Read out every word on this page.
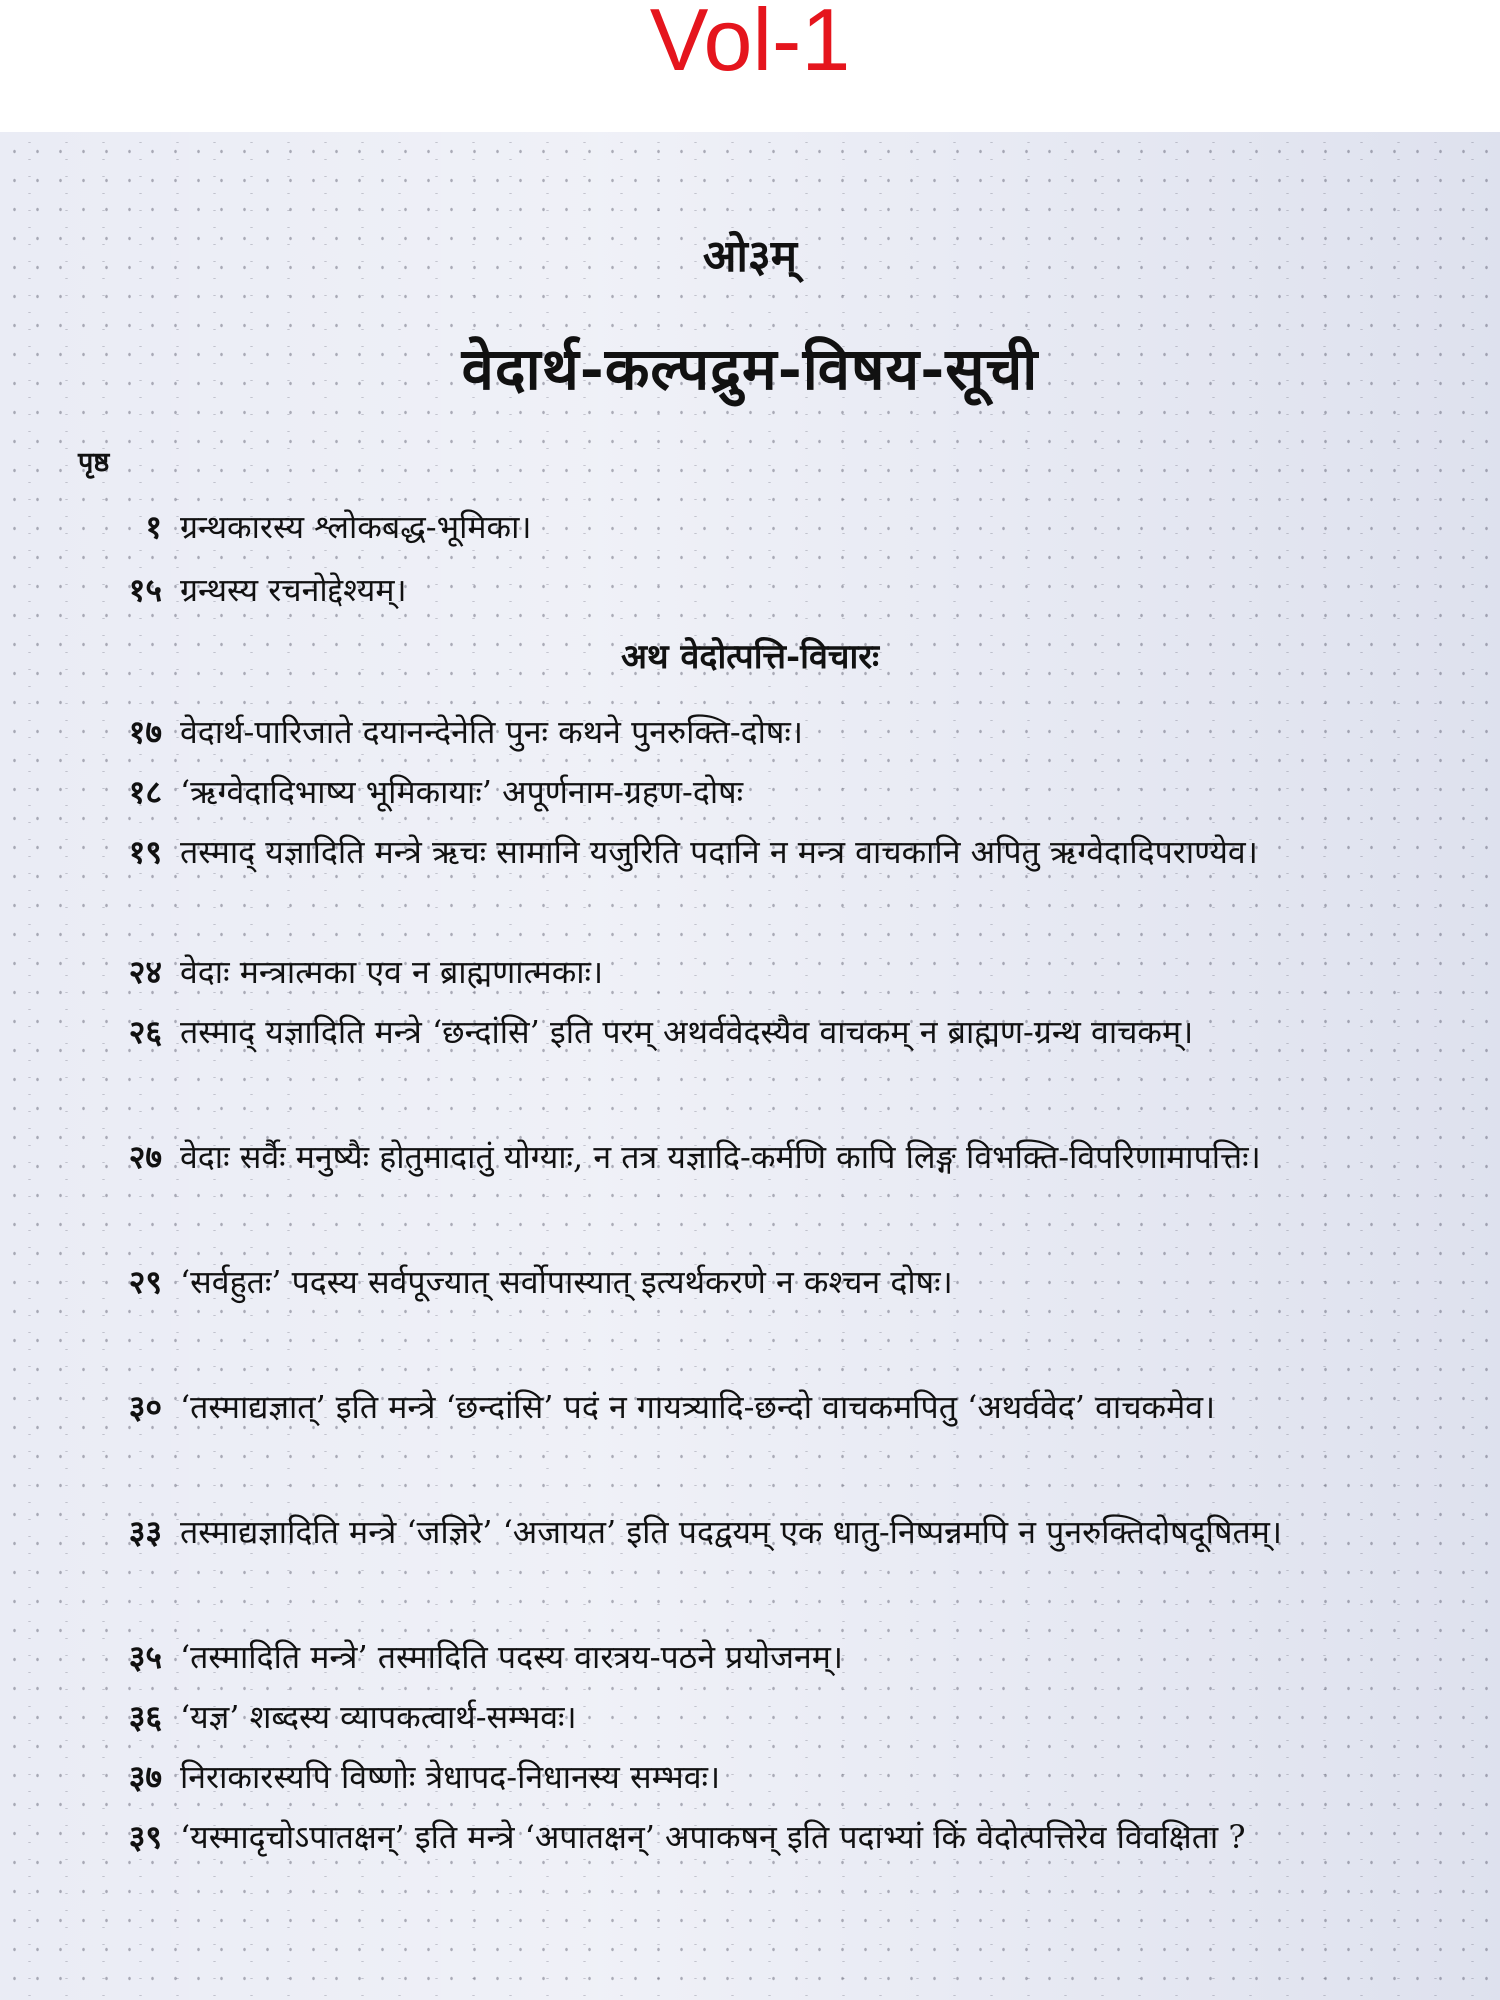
Vol-1
ओ३म्
वेदार्थ-कल्पद्रुम-विषय-सूची
पृष्ठ
१ ग्रन्थकारस्य श्लोकबद्ध-भूमिका।
१५ ग्रन्थस्य रचनोद्देश्यम्।
अथ वेदोत्पत्ति-विचारः
१७ वेदार्थ-पारिजाते दयानन्देनेति पुनः कथने पुनरुक्ति-दोषः।
१८ ‘ऋग्वेदादिभाष्य भूमिकायाः’ अपूर्णनाम-ग्रहण-दोषः
१९ तस्माद् यज्ञादिति मन्त्रे ऋचः सामानि यजुरिति पदानि न मन्त्र वाचकानि अपितु ऋग्वेदादिपराण्येव।
२४ वेदाः मन्त्रात्मका एव न ब्राह्मणात्मकाः।
२६ तस्माद् यज्ञादिति मन्त्रे ‘छन्दांसि’ इति परम् अथर्ववेदस्यैव वाचकम् न ब्राह्मण-ग्रन्थ वाचकम्।
२७ वेदाः सर्वैः मनुष्यैः होतुमादातुं योग्याः, न तत्र यज्ञादि-कर्मणि कापि लिङ्ग विभक्ति-विपरिणामापत्तिः।
२९ ‘सर्वहुतः’ पदस्य सर्वपूज्यात् सर्वोपास्यात् इत्यर्थकरणे न कश्चन दोषः।
३० ‘तस्माद्यज्ञात्’ इति मन्त्रे ‘छन्दांसि’ पदं न गायत्र्यादि-छन्दो वाचकमपितु ‘अथर्ववेद’ वाचकमेव।
३३ तस्माद्यज्ञादिति मन्त्रे ‘जज्ञिरे’ ‘अजायत’ इति पदद्वयम् एक धातु-निष्पन्नमपि न पुनरुक्तिदोषदूषितम्।
३५ ‘तस्मादिति मन्त्रे’ तस्मादिति पदस्य वारत्रय-पठने प्रयोजनम्।
३६ ‘यज्ञ’ शब्दस्य व्यापकत्वार्थ-सम्भवः।
३७ निराकारस्यपि विष्णोः त्रेधापद-निधानस्य सम्भवः।
३९ ‘यस्मादृचोऽपातक्षन्’ इति मन्त्रे ‘अपातक्षन्’ अपाकषन् इति पदाभ्यां किं वेदोत्पत्तिरेव विवक्षिता ?
